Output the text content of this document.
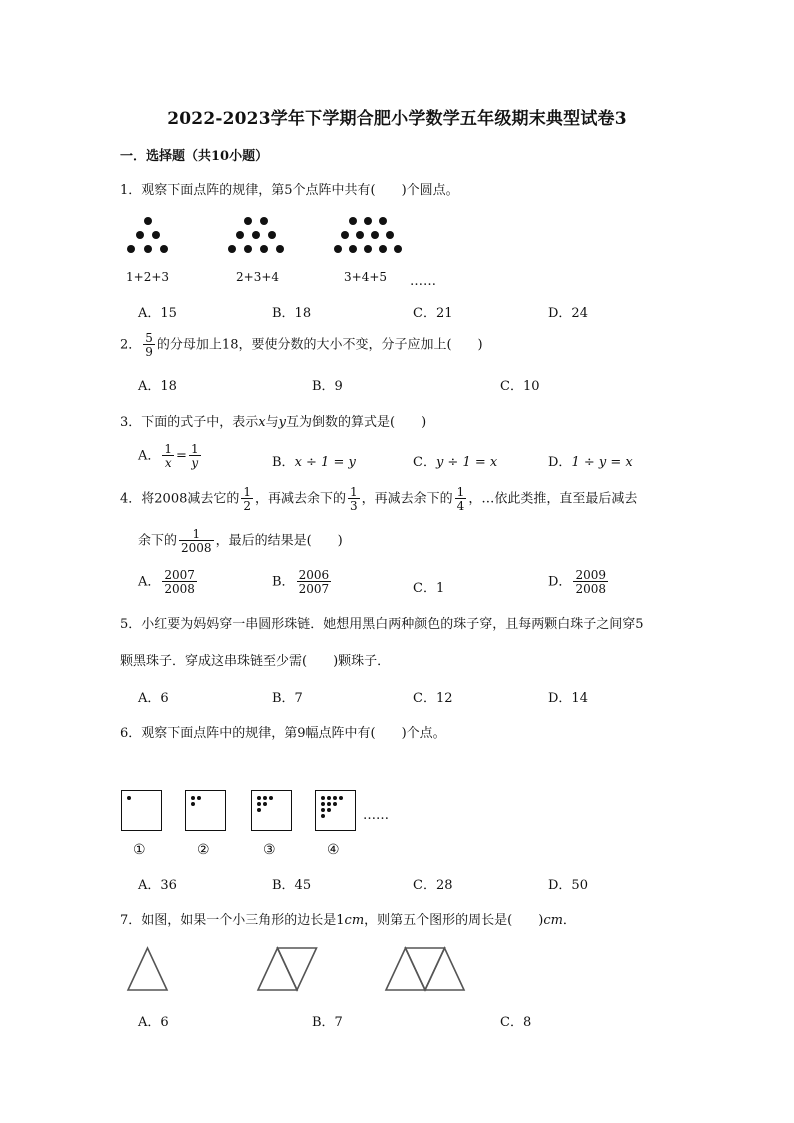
2022-2023学年下学期合肥小学数学五年级期末典型试卷3
一．选择题（共10小题）
1．观察下面点阵的规律，第5个点阵中共有(　　)个圆点。
1+2+3	2+3+4	3+4+5 ……
A．15	B．18	C．21	D．24
2． $\frac{5}{9}$ 的分母加上18，要使分数的大小不变，分子应加上(　　)
A．18	B．9	C．10
3．下面的式子中，表示x与y互为倒数的算式是(　　)
A． $\frac{1}{x} = \frac{1}{y}$	B．x ÷ 1 = y	C．y ÷ 1 = x	D．1 ÷ y = x
4．将2008减去它的 $\frac{1}{2}$ ，再减去余下的 $\frac{1}{3}$ ，再减去余下的 $\frac{1}{4}$ ，…依此类推，直至最后减去
余下的 $\frac{1}{2008}$ ，最后的结果是(　　)
A． $\frac{2007}{2008}$	B． $\frac{2006}{2007}$	C．1	D． $\frac{2009}{2008}$
5．小红要为妈妈穿一串圆形珠链．她想用黑白两种颜色的珠子穿，且每两颗白珠子之间穿5
颗黑珠子．穿成这串珠链至少需(　　)颗珠子．
A．6	B．7	C．12	D．14
6．观察下面点阵中的规律，第9幅点阵中有(　　)个点。
……
①	②	③	④
A．36	B．45	C．28	D．50
7．如图，如果一个小三角形的边长是1cm，则第五个图形的周长是(　　)cm．
A．6	B．7	C．8
